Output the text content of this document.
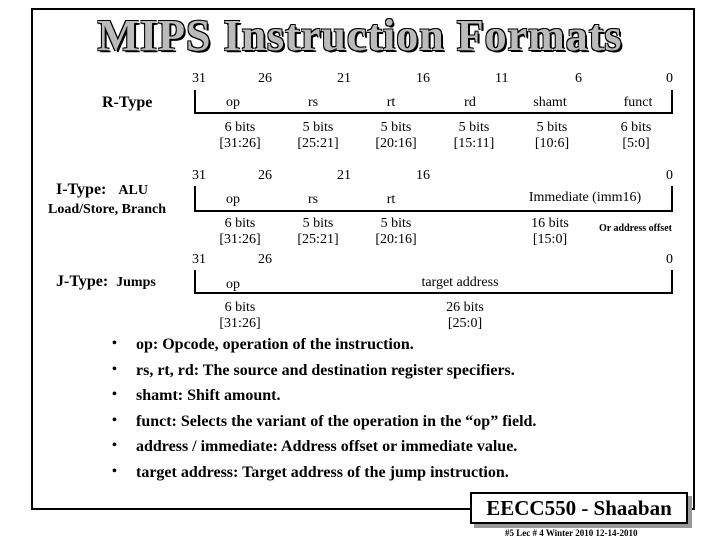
MIPS Instruction Formats
R-Type
31	26	21	16	11	6	0
op	rs	rt	rd	shamt	funct
6 bits	5 bits	5 bits	5 bits	5 bits	6 bits
[31:26]	[25:21]	[20:16]	[15:11]	[10:6]	[5:0]
I-Type: ALU
Load/Store, Branch
31	26	21	16	0
op	rs	rt	Immediate (imm16)
6 bits	5 bits	5 bits	16 bits
[31:26]	[25:21]	[20:16]	[15:0]
Or address offset
J-Type: Jumps
31	26	0
op	target address
6 bits	26 bits
[31:26]	[25:0]
• op: Opcode, operation of the instruction.
• rs, rt, rd: The source and destination register specifiers.
• shamt: Shift amount.
• funct: Selects the variant of the operation in the “op” field.
• address / immediate: Address offset or immediate value.
• target address: Target address of the jump instruction.
EECC550 - Shaaban
#5 Lec # 4 Winter 2010 12-14-2010
